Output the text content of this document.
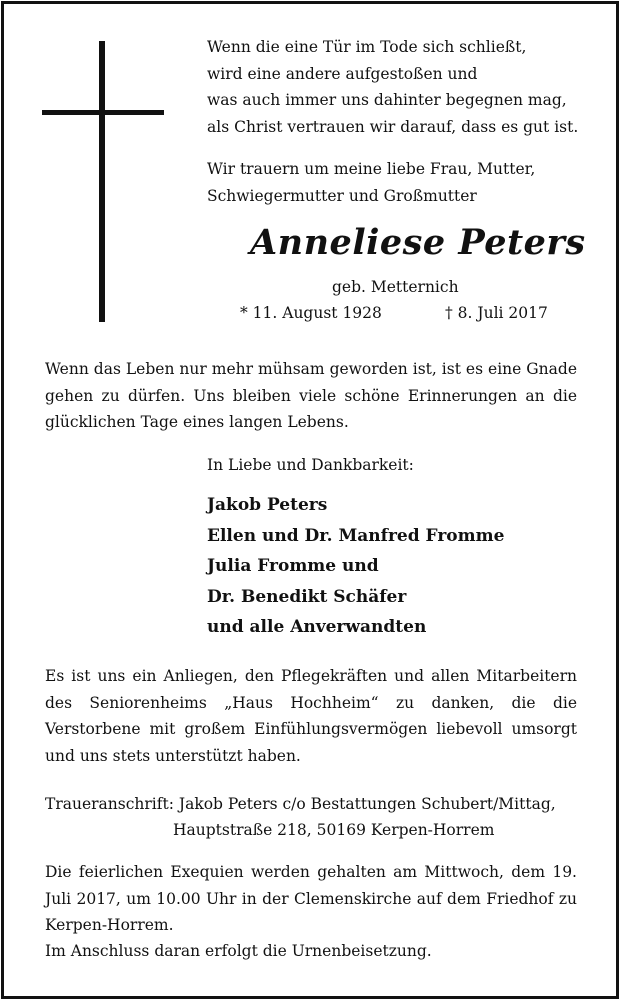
Wenn die eine Tür im Tode sich schließt,
wird eine andere aufgestoßen und
was auch immer uns dahinter begegnen mag,
als Christ vertrauen wir darauf, dass es gut ist.
Wir trauern um meine liebe Frau, Mutter,
Schwiegermutter und Großmutter
Anneliese Peters
geb. Metternich
* 11. August 1928	† 8. Juli 2017
Wenn das Leben nur mehr mühsam geworden ist, ist es eine Gnade gehen zu dürfen. Uns bleiben viele schöne Erinnerungen an die glücklichen Tage eines langen Lebens.
In Liebe und Dankbarkeit:
Jakob Peters
Ellen und Dr. Manfred Fromme
Julia Fromme und
Dr. Benedikt Schäfer
und alle Anverwandten
Es ist uns ein Anliegen, den Pflegekräften und allen Mitarbeitern des Seniorenheims „Haus Hochheim“ zu danken, die die Verstorbene mit großem Einfühlungsvermögen liebevoll umsorgt und uns stets unterstützt haben.
Traueranschrift: Jakob Peters c/o Bestattungen Schubert/Mittag,
Hauptstraße 218, 50169 Kerpen-Horrem
Die feierlichen Exequien werden gehalten am Mittwoch, dem 19. Juli 2017, um 10.00 Uhr in der Clemenskirche auf dem Friedhof zu Kerpen-Horrem.
Im Anschluss daran erfolgt die Urnenbeisetzung.
